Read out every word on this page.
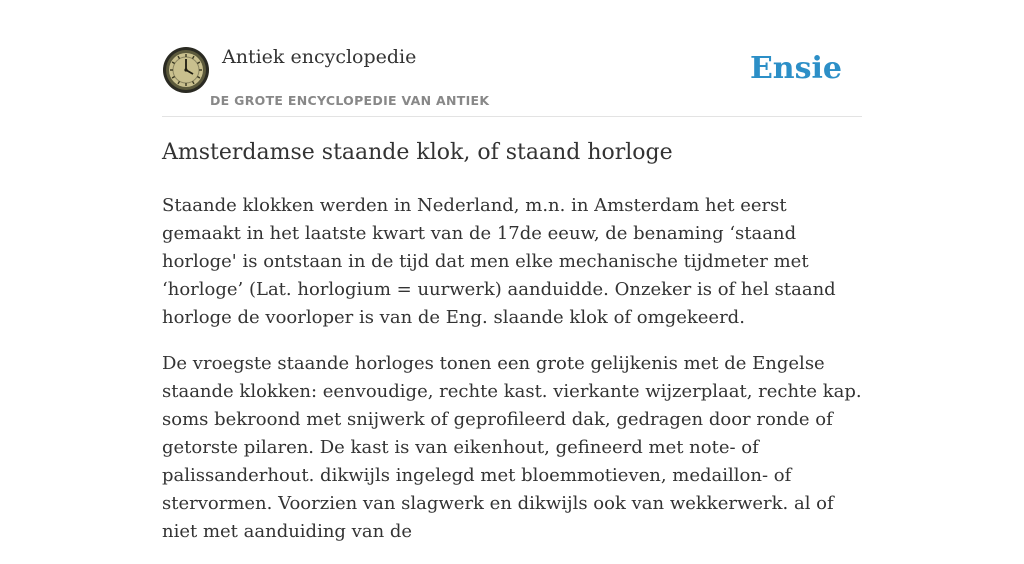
Antiek encyclopedie
DE GROTE ENCYCLOPEDIE VAN ANTIEK
Ensie
Amsterdamse staande klok, of staand horloge

Staande klokken werden in Nederland, m.n. in Amsterdam het eerst gemaakt in het laatste kwart van de 17de eeuw, de benaming ‘staand horloge' is ontstaan in de tijd dat men elke mechanische tijdmeter met ‘horloge’ (Lat. horlogium = uurwerk) aanduidde. Onzeker is of hel staand horloge de voorloper is van de Eng. slaande klok of omgekeerd.

De vroegste staande horloges tonen een grote gelijkenis met de Engelse staande klokken: eenvoudige, rechte kast. vierkante wijzerplaat, rechte kap. soms bekroond met snijwerk of geprofileerd dak, gedragen door ronde of getorste pilaren. De kast is van eikenhout, gefineerd met note- of palissanderhout. dikwijls ingelegd met bloemmotieven, medaillon- of stervormen. Voorzien van slagwerk en dikwijls ook van wekkerwerk. al of niet met aanduiding van de
